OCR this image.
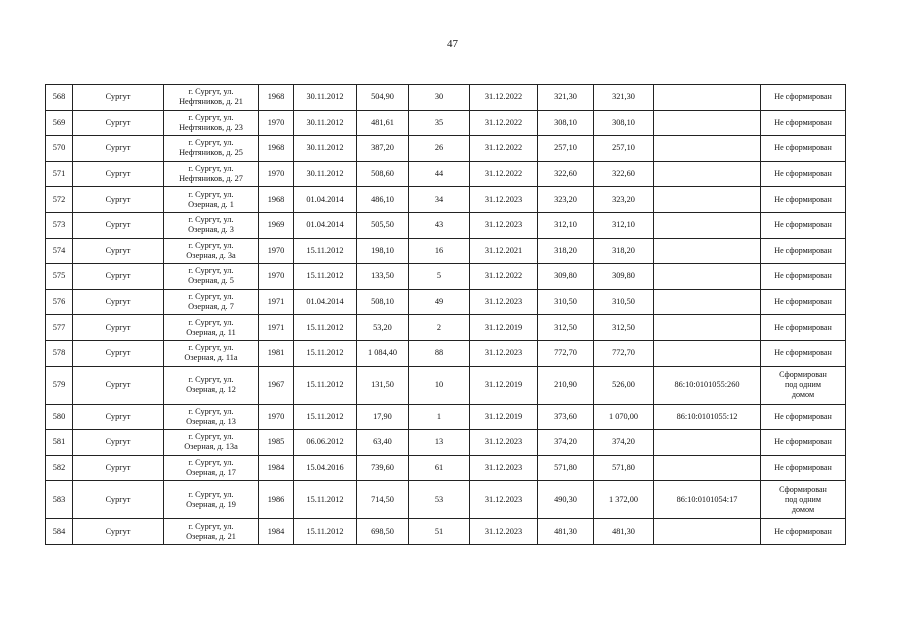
47
568	Сургут	г. Сургут, ул.
Нефтяников, д. 21	1968	30.11.2012	504,90	30	31.12.2022	321,30	321,30		Не сформирован
569	Сургут	г. Сургут, ул.
Нефтяников, д. 23	1970	30.11.2012	481,61	35	31.12.2022	308,10	308,10		Не сформирован
570	Сургут	г. Сургут, ул.
Нефтяников, д. 25	1968	30.11.2012	387,20	26	31.12.2022	257,10	257,10		Не сформирован
571	Сургут	г. Сургут, ул.
Нефтяников, д. 27	1970	30.11.2012	508,60	44	31.12.2022	322,60	322,60		Не сформирован
572	Сургут	г. Сургут, ул.
Озерная, д. 1	1968	01.04.2014	486,10	34	31.12.2023	323,20	323,20		Не сформирован
573	Сургут	г. Сургут, ул.
Озерная, д. 3	1969	01.04.2014	505,50	43	31.12.2023	312,10	312,10		Не сформирован
574	Сургут	г. Сургут, ул.
Озерная, д. 3а	1970	15.11.2012	198,10	16	31.12.2021	318,20	318,20		Не сформирован
575	Сургут	г. Сургут, ул.
Озерная, д. 5	1970	15.11.2012	133,50	5	31.12.2022	309,80	309,80		Не сформирован
576	Сургут	г. Сургут, ул.
Озерная, д. 7	1971	01.04.2014	508,10	49	31.12.2023	310,50	310,50		Не сформирован
577	Сургут	г. Сургут, ул.
Озерная, д. 11	1971	15.11.2012	53,20	2	31.12.2019	312,50	312,50		Не сформирован
578	Сургут	г. Сургут, ул.
Озерная, д. 11а	1981	15.11.2012	1 084,40	88	31.12.2023	772,70	772,70		Не сформирован
579	Сургут	г. Сургут, ул.
Озерная, д. 12	1967	15.11.2012	131,50	10	31.12.2019	210,90	526,00	86:10:0101055:260	Сформирован
под одним
домом
580	Сургут	г. Сургут, ул.
Озерная, д. 13	1970	15.11.2012	17,90	1	31.12.2019	373,60	1 070,00	86:10:0101055:12	Не сформирован
581	Сургут	г. Сургут, ул.
Озерная, д. 13а	1985	06.06.2012	63,40	13	31.12.2023	374,20	374,20		Не сформирован
582	Сургут	г. Сургут, ул.
Озерная, д. 17	1984	15.04.2016	739,60	61	31.12.2023	571,80	571,80		Не сформирован
583	Сургут	г. Сургут, ул.
Озерная, д. 19	1986	15.11.2012	714,50	53	31.12.2023	490,30	1 372,00	86:10:0101054:17	Сформирован
под одним
домом
584	Сургут	г. Сургут, ул.
Озерная, д. 21	1984	15.11.2012	698,50	51	31.12.2023	481,30	481,30		Не сформирован
